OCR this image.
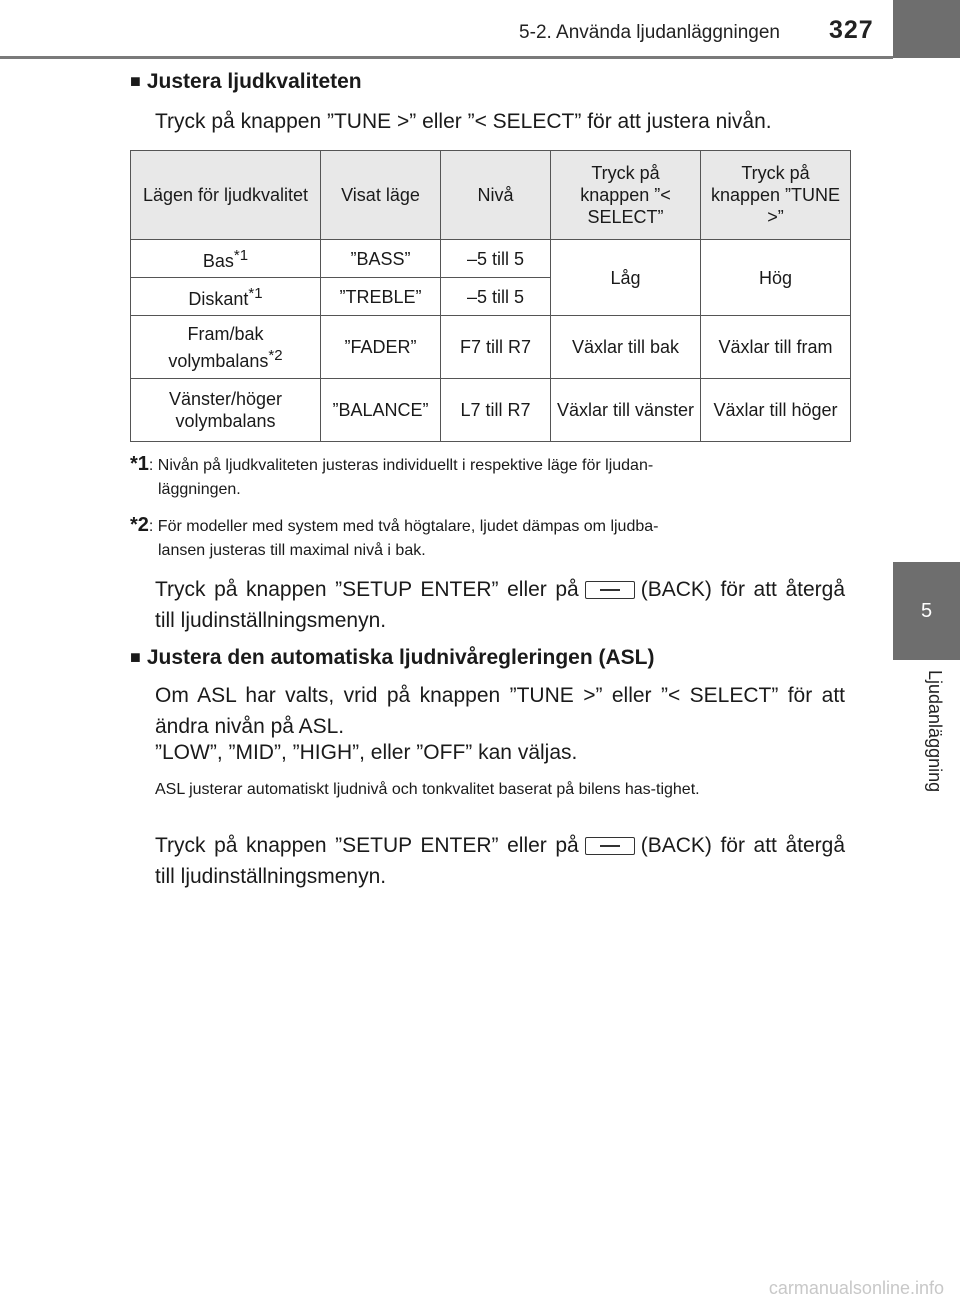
5-2. Använda ljudanläggningen 327
5
Ljudanläggning
■ Justera ljudkvaliteten
Tryck på knappen ”TUNE >” eller ”< SELECT” för att justera nivån.
Lägen för ljudkvalitet	Visat läge	Nivå	Tryck på knappen ”< SELECT”	Tryck på knappen ”TUNE >”
Bas$^{*1}$	”BASS”	–5 till 5	Låg	Hög
Diskant$^{*1}$	”TREBLE”	–5 till 5		
Fram/bak volymbalans$^{*2}$	”FADER”	F7 till R7	Växlar till bak	Växlar till fram
Vänster/höger volymbalans	”BALANCE”	L7 till R7	Växlar till vänster	Växlar till höger
*1: Nivån på ljudkvaliteten justeras individuellt i respektive läge för ljudan-
läggningen.
*2: För modeller med system med två högtalare, ljudet dämpas om ljudba-
lansen justeras till maximal nivå i bak.
Tryck på knappen ”SETUP ENTER” eller på	(BACK) för att återgå till ljudinställningsmenyn.
■ Justera den automatiska ljudnivåregleringen (ASL)
Om ASL har valts, vrid på knappen ”TUNE >” eller ”< SELECT” för att ändra nivån på ASL.
”LOW”, ”MID”, ”HIGH”, eller ”OFF” kan väljas.
ASL justerar automatiskt ljudnivå och tonkvalitet baserat på bilens has-tighet.
Tryck på knappen ”SETUP ENTER” eller på	(BACK) för att återgå till ljudinställningsmenyn.
carmanualsonline.info
